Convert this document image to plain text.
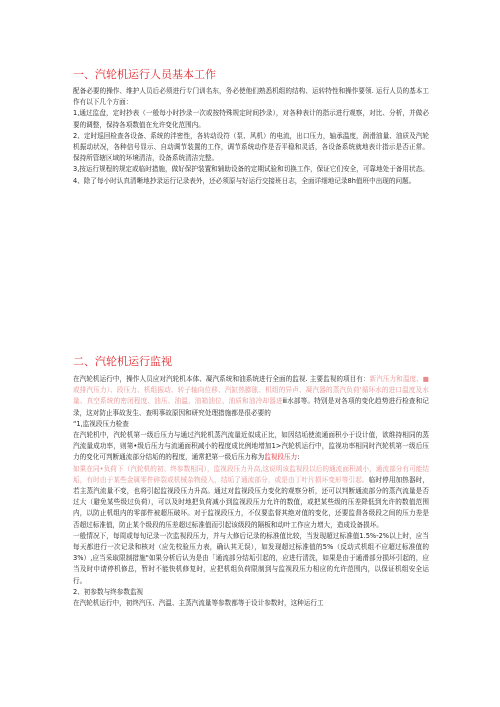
一、汽轮机运行人员基本工作

配备必要的操作、维护人员后必须进行专门训名东，务必使他们熟悉机组的结构、运转特性和操作要领. 运行人员的基本工作有以下几个方面：

1,通过监盘，定时抄表（一般每小时抄录一次或按特殊规定时间抄录），对各种表计的指示进行观察，对比、分析，并做必要的调整，保持各项数值在允许变化范围内。

2、定时巡回检查各设备、系统的泮密性，各转动设符（泵、风机）的电流，出口压力，轴承温度，润滑油量、油质及汽轮机振动状况，各种信号显示、自动调节装置的工作，调节系统动作是否平稳和灵活，各设备系统就地表计指示是否正常。保持所管辖区域的环境清洁，设备系统清洁完整。

3,按运行规程的规定或临时措施，做好保护装置和辅助设备的定期试验和切换工作，保证它们安全，可靠地处于备用状态。

4、除了每小时认真清晰地抄录运行记录表外，还必须原与好运行交接班日志，全面详细地记录8h值班中出现的问题。

二、汽轮机运行监视

在汽轮机运行中，操作人员应对汽轮机本体、凝汽系统和油系统进行全面的监视. 主要监视的项目有：新汽压力和温度、■或排汽压力）、段压力、机组振动、转子轴向位移、汽缸热膨胀、机组的异声、凝汽器的蒸汽负荷'循环水的进口温度及水量、真空系统的密闭程度、油压、油温、油箱油位、油质和油冷却器进ⅲ水部等。特别是对各项的变化趋势进行检查和记录，这对防止事故发生、查明事故原因和研究处理措施都是很必要的

“1,监视段压力检查

在汽轮机中，汽轮机第一级后压力与通过汽轮机蒸汽流量近似成正比，如因结垢使流通面积小于设计值，欲维持相同的蒸汽流量成功率，则第•级后压力与流通面积减小的程度成比例地增加1>汽轮机运行中，监视功率相同时汽轮机第一级后压力的变化可判断通流部分结垢的的程度，通常把第一级后压力称为监视段压力:

如果在同•负荷下（汽轮机的初、终参数相同），监视段压力升高,这说明该监视段以后的通流面积减小，通流部分有可能结垢，有时由于某些金属零件碎裂或机械杂物侵入，结垢了通流部分，或是由丁叶片损坏变形等引起。临时停用加热器时，若主蒸汽流量不变，也将引起监视段压力升高。通过对监视段压力变化的观察分析，还可以判断通流部分的蒸汽流量是否过大（避免某些级过负荷），可以及时地把负荷减小到监视段压力允许的数值，或把某些级的压差降低到允许的数值范围内，以防止机组内的零部件被超压破坏。对于监视段压力，不仅要监督其绝对值的变化，还要监督各级段之间的压力差是否超过标准值，防止某个级段的压差超过标准值而引起该级段的隔板和动叶工作应力增大，造成设备损坏。

一般情况下，每周或每旬记录一次监视段压力，并与大修后记录的标准值比较，当发现超过标准值1.5%-2%以上时，应当每天都进行一次记录和核对（应先校验压力表，确认其无误），如发现超过标准值的5%（反动式机组不应超过标准值的3%）,应当采取限制措施"如果分析后认为是由「通流部分结垢引起的，应进行清洗，如果是由于通滑部分损坏引起的，应当及时申请停机修总，暂时不能快机修复时，应把机组负荷限制到与监视段压力相应的允许范围内，以保证机组安全运行。

2、初参数与终参数监视

在汽轮机运行中，初终汽压、汽温、主蒸汽流量等参数都等于设计参数时，这种运行工
